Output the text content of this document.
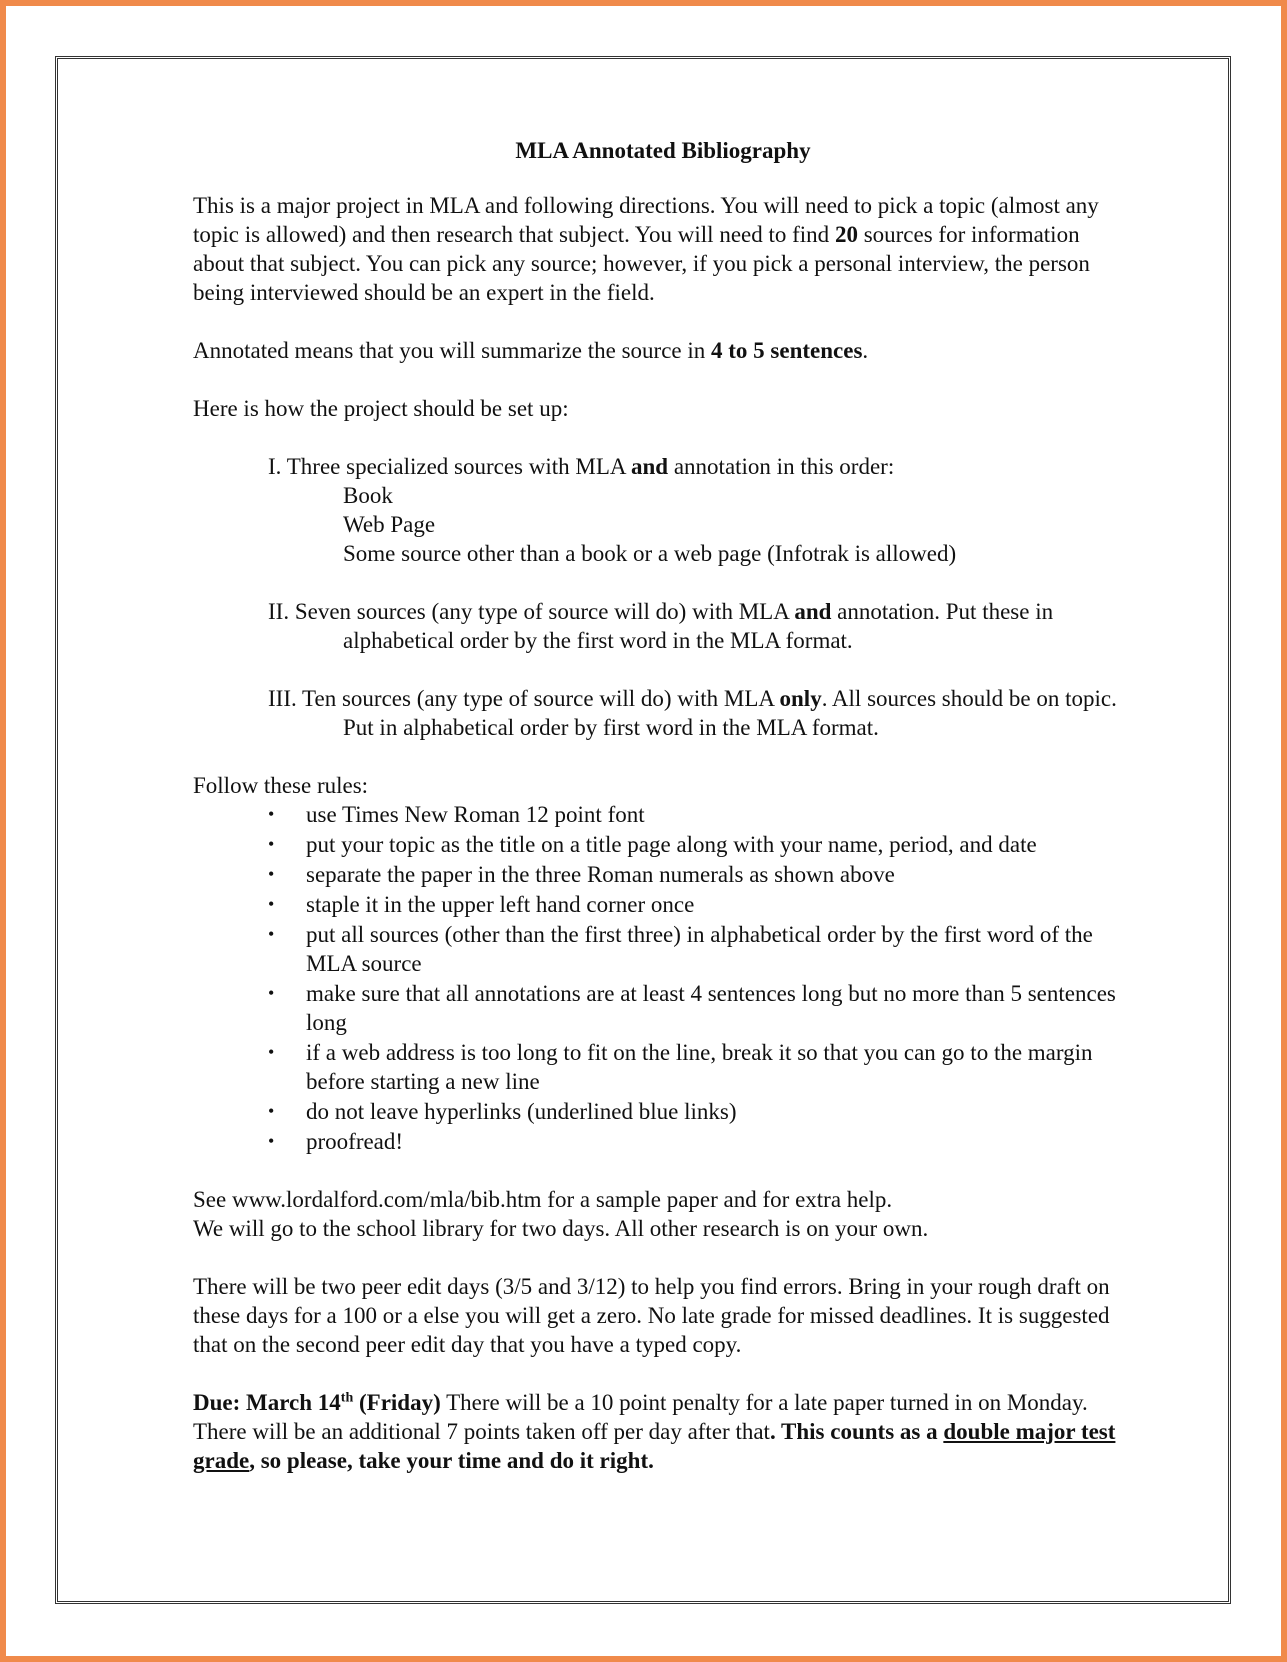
MLA Annotated Bibliography

This is a major project in MLA and following directions. You will need to pick a topic (almost any topic is allowed) and then research that subject. You will need to find 20 sources for information about that subject. You can pick any source; however, if you pick a personal interview, the person being interviewed should be an expert in the field.

Annotated means that you will summarize the source in 4 to 5 sentences.

Here is how the project should be set up:

I. Three specialized sources with MLA and annotation in this order:

Book

Web Page

Some source other than a book or a web page (Infotrak is allowed)

II. Seven sources (any type of source will do) with MLA and annotation. Put these in alphabetical order by the first word in the MLA format.

III. Ten sources (any type of source will do) with MLA only. All sources should be on topic. Put in alphabetical order by first word in the MLA format.

Follow these rules:

• use Times New Roman 12 point font
• put your topic as the title on a title page along with your name, period, and date
• separate the paper in the three Roman numerals as shown above
• staple it in the upper left hand corner once
• put all sources (other than the first three) in alphabetical order by the first word of the MLA source
• make sure that all annotations are at least 4 sentences long but no more than 5 sentences long
• if a web address is too long to fit on the line, break it so that you can go to the margin before starting a new line
• do not leave hyperlinks (underlined blue links)
• proofread!

See www.lordalford.com/mla/bib.htm for a sample paper and for extra help.

We will go to the school library for two days. All other research is on your own.

There will be two peer edit days (3/5 and 3/12) to help you find errors. Bring in your rough draft on these days for a 100 or a else you will get a zero. No late grade for missed deadlines. It is suggested that on the second peer edit day that you have a typed copy.

Due: March 14th (Friday) There will be a 10 point penalty for a late paper turned in on Monday. There will be an additional 7 points taken off per day after that. This counts as a double major test grade, so please, take your time and do it right.
